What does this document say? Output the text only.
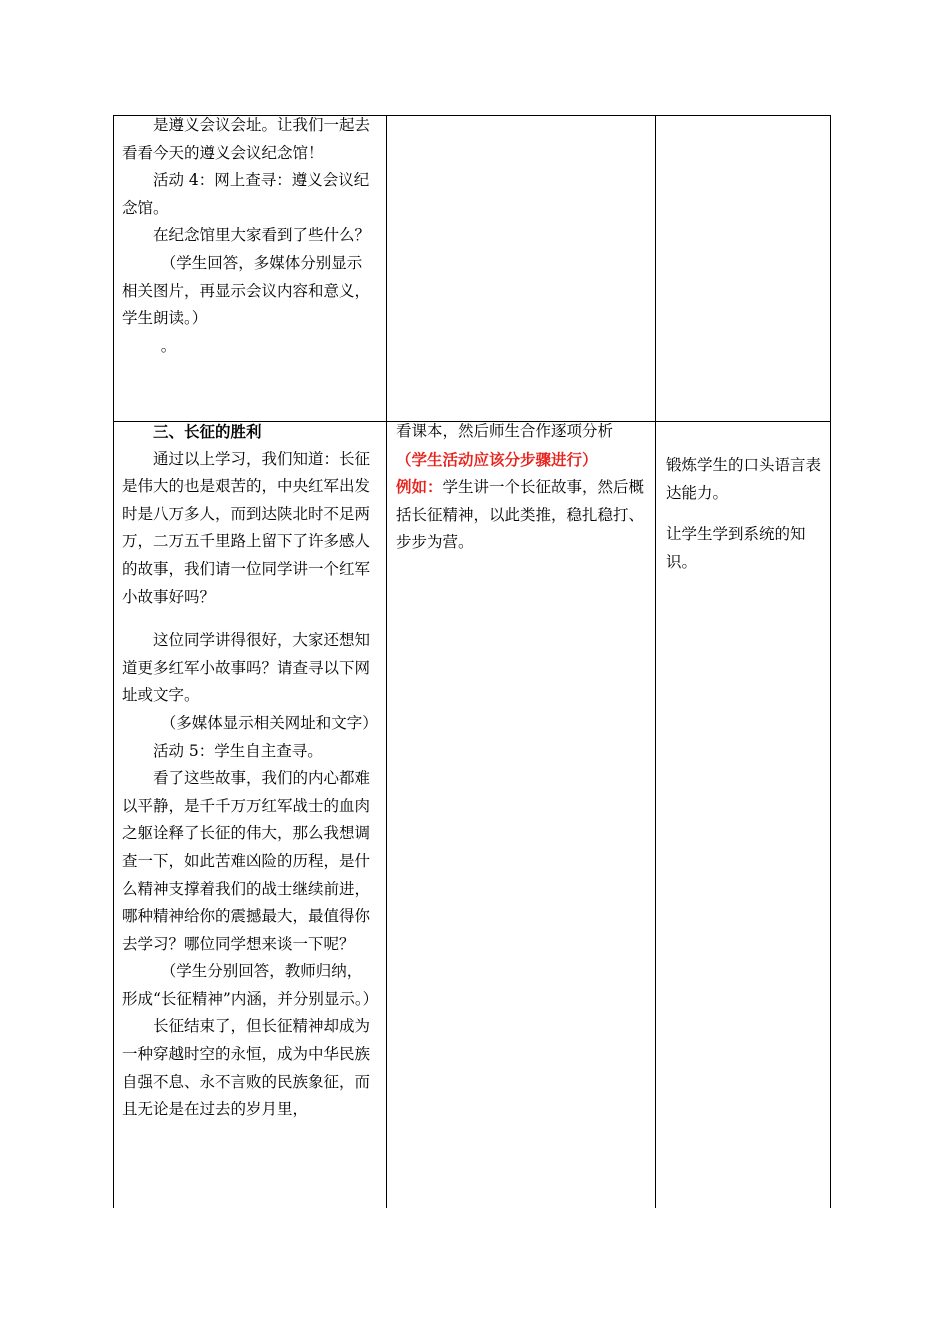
是遵义会议会址。让我们一起去看看今天的遵义会议纪念馆！

活动 4：网上查寻：遵义会议纪念馆。

在纪念馆里大家看到了些什么？

（学生回答，多媒体分别显示相关图片，再显示会议内容和意义，学生朗读。）

。

三、长征的胜利

通过以上学习，我们知道：长征是伟大的也是艰苦的，中央红军出发时是八万多人，而到达陕北时不足两万，二万五千里路上留下了许多感人的故事，我们请一位同学讲一个红军小故事好吗？

这位同学讲得很好，大家还想知道更多红军小故事吗？请查寻以下网址或文字。

（多媒体显示相关网址和文字）

活动 5：学生自主查寻。

看了这些故事，我们的内心都难以平静，是千千万万红军战士的血肉之躯诠释了长征的伟大，那么我想调查一下，如此苦难凶险的历程，是什么精神支撑着我们的战士继续前进，哪种精神给你的震撼最大，最值得你去学习？哪位同学想来谈一下呢？

（学生分别回答，教师归纳，形成“长征精神”内涵，并分别显示。）

长征结束了，但长征精神却成为一种穿越时空的永恒，成为中华民族自强不息、永不言败的民族象征，而且无论是在过去的岁月里，

看课本，然后师生合作逐项分析

（学生活动应该分步骤进行）

例如：学生讲一个长征故事，然后概括长征精神，以此类推，稳扎稳打、步步为营。

锻炼学生的口头语言表达能力。

让学生学到系统的知识。
